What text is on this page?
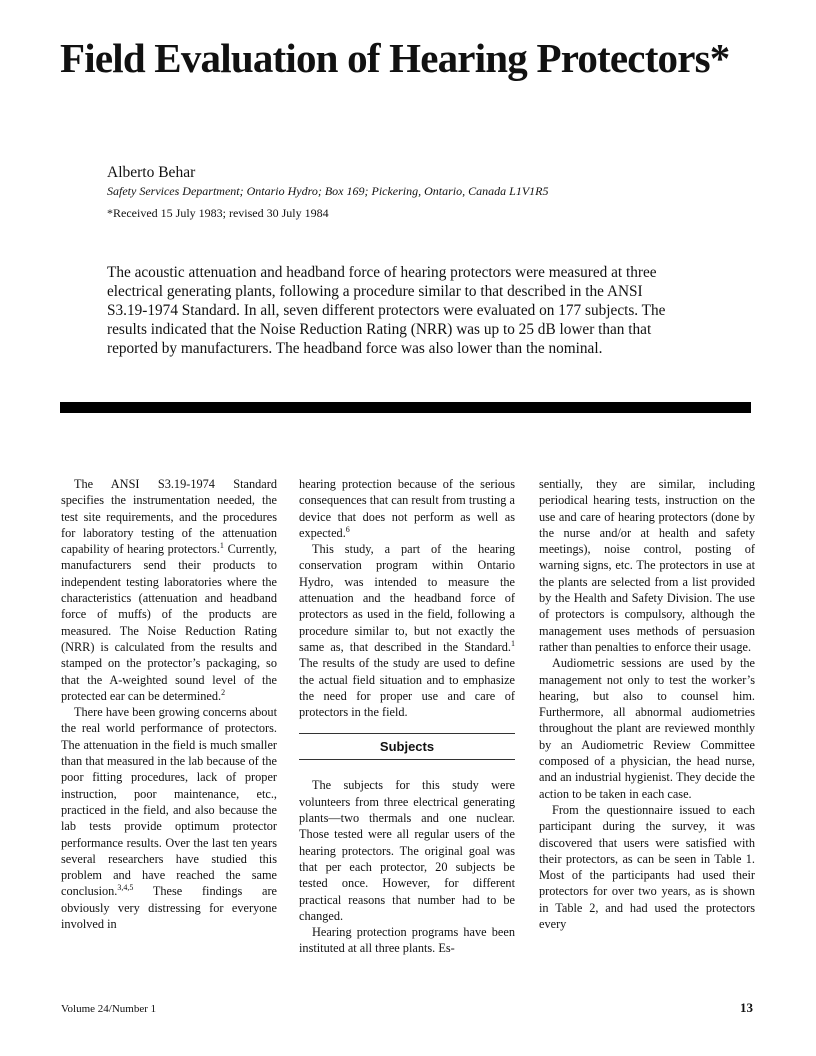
Field Evaluation of Hearing Protectors*
Alberto Behar
Safety Services Department; Ontario Hydro; Box 169; Pickering, Ontario, Canada L1V1R5
*Received 15 July 1983; revised 30 July 1984

The acoustic attenuation and headband force of hearing protectors were measured at three electrical generating plants, following a procedure similar to that described in the ANSI S3.19-1974 Standard. In all, seven different protectors were evaluated on 177 subjects. The results indicated that the Noise Reduction Rating (NRR) was up to 25 dB lower than that reported by manufacturers. The headband force was also lower than the nominal.

The ANSI S3.19-1974 Standard specifies the instrumentation needed, the test site requirements, and the procedures for laboratory testing of the attenuation capability of hearing protectors.$^1$ Currently, manufacturers send their products to independent testing laboratories where the characteristics (attenuation and headband force of muffs) of the products are measured. The Noise Reduction Rating (NRR) is calculated from the results and stamped on the protector’s packaging, so that the A-weighted sound level of the protected ear can be determined.$^2$

There have been growing concerns about the real world performance of protectors. The attenuation in the field is much smaller than that measured in the lab because of the poor fitting procedures, lack of proper instruction, poor maintenance, etc., practiced in the field, and also because the lab tests provide optimum protector performance results. Over the last ten years several researchers have studied this problem and have reached the same conclusion.$^{3,4,5}$ These findings are obviously very distressing for everyone involved in

hearing protection because of the serious consequences that can result from trusting a device that does not perform as well as expected.$^6$

This study, a part of the hearing conservation program within Ontario Hydro, was intended to measure the attenuation and the headband force of protectors as used in the field, following a procedure similar to, but not exactly the same as, that described in the Standard.$^1$ The results of the study are used to define the actual field situation and to emphasize the need for proper use and care of protectors in the field.

Subjects

The subjects for this study were volunteers from three electrical generating plants—two thermals and one nuclear. Those tested were all regular users of the hearing protectors. The original goal was that per each protector, 20 subjects be tested once. However, for different practical reasons that number had to be changed.

Hearing protection programs have been instituted at all three plants. Es-

sentially, they are similar, including periodical hearing tests, instruction on the use and care of hearing protectors (done by the nurse and/or at health and safety meetings), noise control, posting of warning signs, etc. The protectors in use at the plants are selected from a list provided by the Health and Safety Division. The use of protectors is compulsory, although the management uses methods of persuasion rather than penalties to enforce their usage.

Audiometric sessions are used by the management not only to test the worker’s hearing, but also to counsel him. Furthermore, all abnormal audiometries throughout the plant are reviewed monthly by an Audiometric Review Committee composed of a physician, the head nurse, and an industrial hygienist. They decide the action to be taken in each case.

From the questionnaire issued to each participant during the survey, it was discovered that users were satisfied with their protectors, as can be seen in Table 1. Most of the participants had used their protectors for over two years, as is shown in Table 2, and had used the protectors every

Volume 24/Number 1	13
